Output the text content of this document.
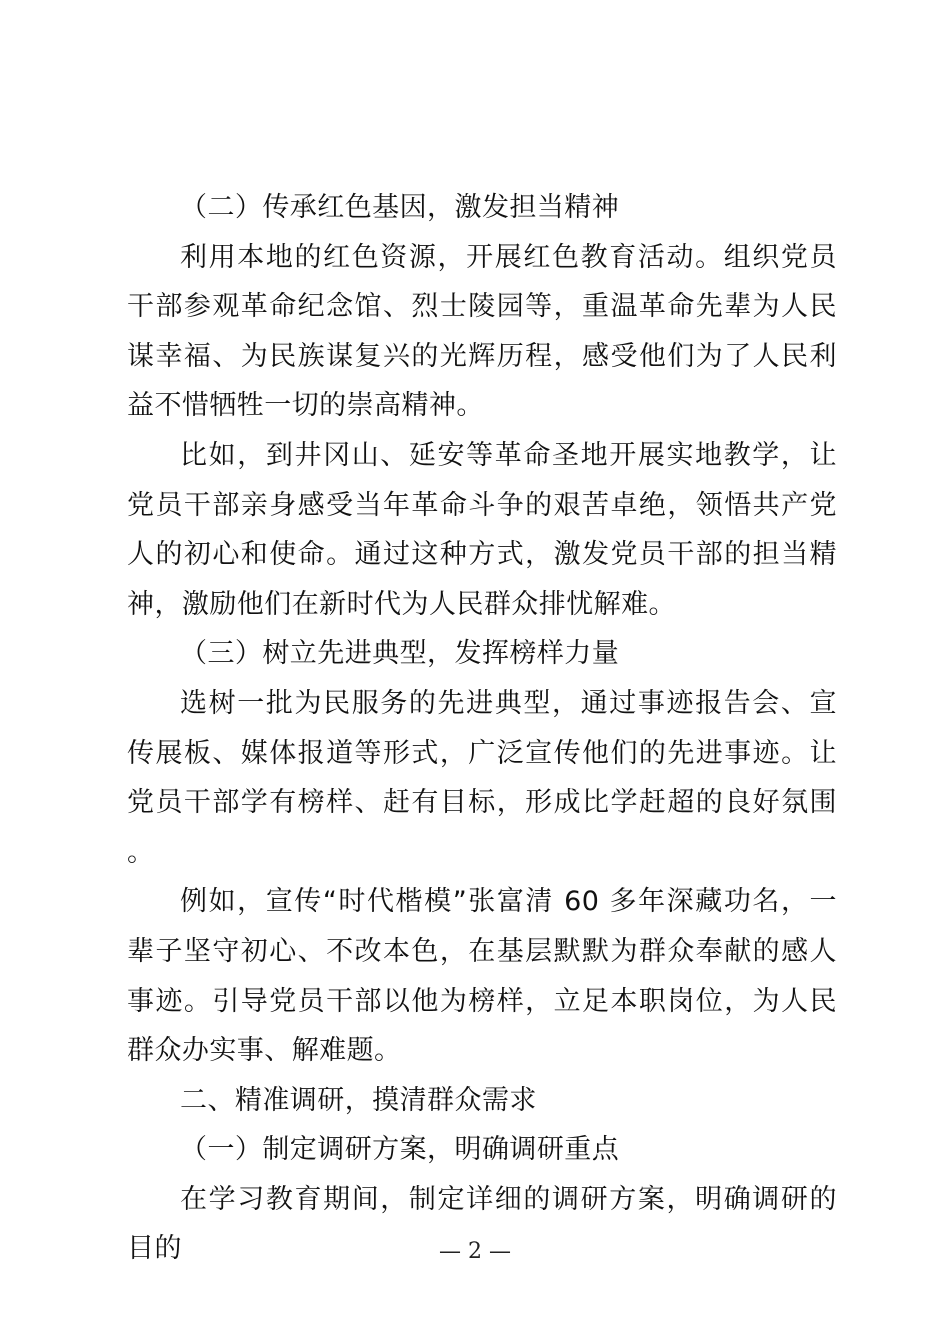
（二）传承红色基因，激发担当精神

利用本地的红色资源，开展红色教育活动。组织党员干部参观革命纪念馆、烈士陵园等，重温革命先辈为人民谋幸福、为民族谋复兴的光辉历程，感受他们为了人民利益不惜牺牲一切的崇高精神。

比如，到井冈山、延安等革命圣地开展实地教学，让党员干部亲身感受当年革命斗争的艰苦卓绝，领悟共产党人的初心和使命。通过这种方式，激发党员干部的担当精神，激励他们在新时代为人民群众排忧解难。

（三）树立先进典型，发挥榜样力量

选树一批为民服务的先进典型，通过事迹报告会、宣传展板、媒体报道等形式，广泛宣传他们的先进事迹。让党员干部学有榜样、赶有目标，形成比学赶超的良好氛围。

例如，宣传“时代楷模”张富清 60 多年深藏功名，一辈子坚守初心、不改本色，在基层默默为群众奉献的感人事迹。引导党员干部以他为榜样，立足本职岗位，为人民群众办实事、解难题。

二、精准调研，摸清群众需求

（一）制定调研方案，明确调研重点

在学习教育期间，制定详细的调研方案，明确调研的目的	— 2 —
